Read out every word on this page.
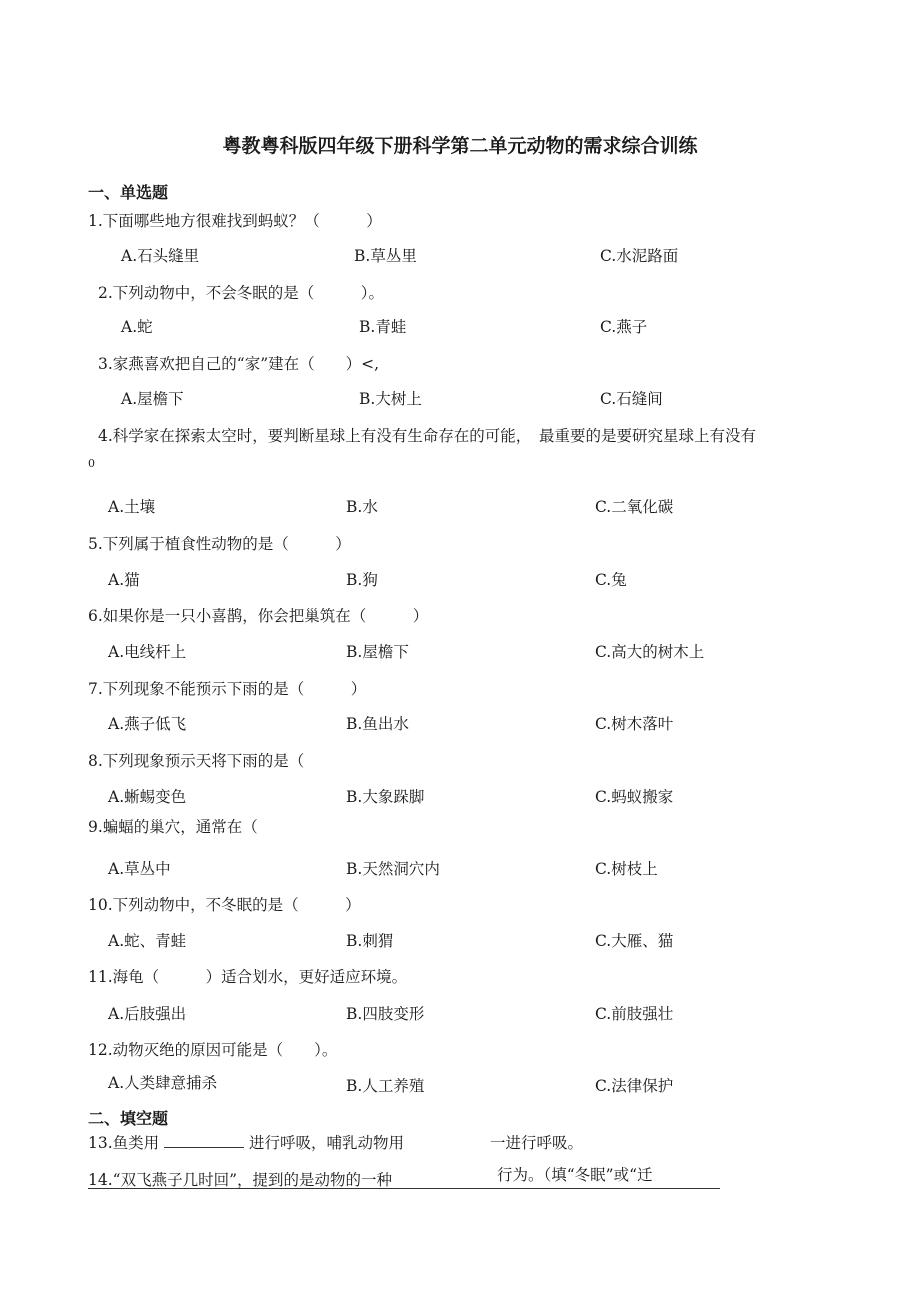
粤教粤科版四年级下册科学第二单元动物的需求综合训练
一、单选题
1.下面哪些地方很难找到蚂蚁？（　　　）
A.石头缝里	B.草丛里	C.水泥路面
2.下列动物中，不会冬眠的是（　　　）。
A.蛇	B.青蛙	C.燕子
3.家燕喜欢把自己的“家”建在（　　）<,
A.屋檐下	B.大树上	C.石缝间
4.科学家在探索太空时，要判断星球上有没有生命存在的可能，　最重要的是要研究星球上有没有
0
A.土壤	B.水	C.二氧化碳
5.下列属于植食性动物的是（　　　）
A.猫	B.狗	C.兔
6.如果你是一只小喜鹊，你会把巢筑在（　　　）
A.电线杆上	B.屋檐下	C.高大的树木上
7.下列现象不能预示下雨的是（　　　）
A.燕子低飞	B.鱼出水	C.树木落叶
8.下列现象预示天将下雨的是（
A.蜥蜴变色	B.大象跺脚	C.蚂蚁搬家
9.蝙蝠的巢穴，通常在（
A.草丛中	B.天然洞穴内	C.树枝上
10.下列动物中，不冬眠的是（　　　）
A.蛇、青蛙	B.刺猬	C.大雁、猫
11.海龟（　　　）适合划水，更好适应环境。
A.后肢强出	B.四肢变形	C.前肢强壮
12.动物灭绝的原因可能是（　　）。
A.人类肆意捕杀	B.人工养殖	C.法律保护
二、填空题
13.鱼类用	进行呼吸，哺乳动物用	一进行呼吸。
14.“双飞燕子几时回”，提到的是动物的一种	行为。（填“冬眠”或“迁
